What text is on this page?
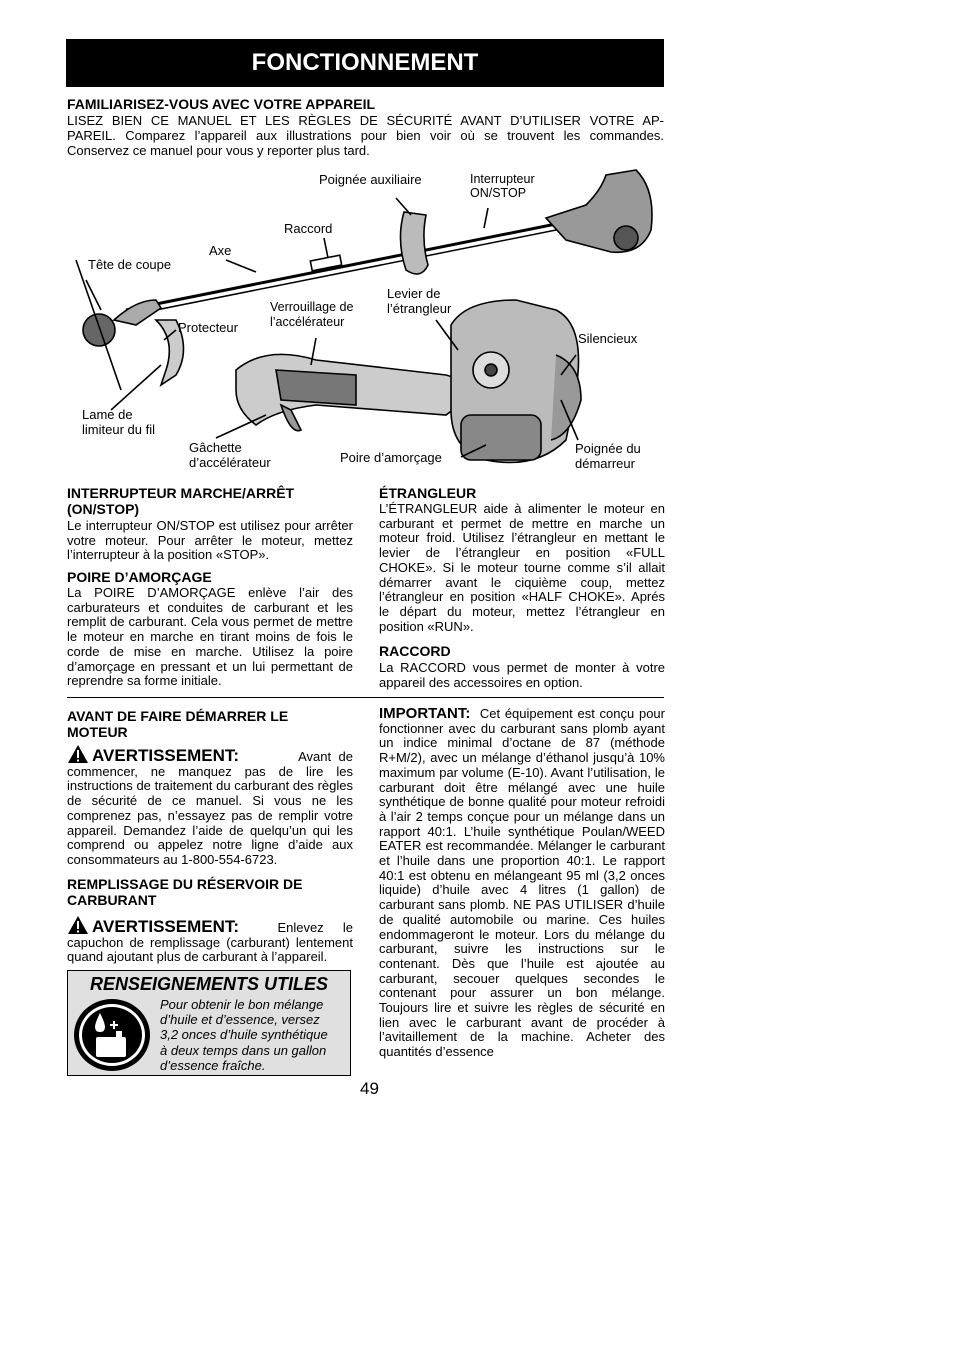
FONCTIONNEMENT
FAMILIARISEZ-VOUS AVEC VOTRE APPAREIL
LISEZ BIEN CE MANUEL ET LES RÈGLES DE SÉCURITÉ AVANT D’UTILISER VOTRE AP-
PAREIL. Comparez l’appareil aux illustrations pour bien voir où se trouvent les commandes.
Conservez ce manuel pour vous y reporter plus tard.
Poignée auxiliaire	Interrupteur
ON/STOP
Raccord
Axe
Tête de coupe
Verrouillage de
l’accélérateur
Levier de
l’étrangleur
Protecteur
Silencieux
Lame de
limiteur du fil
Gâchette
d’accélérateur	Poire d’amorçage
Poignée du
démarreur
INTERRUPTEUR MARCHE/ARRÊT
(ON/STOP)
Le interrupteur ON/STOP est utilisez pour arrêter votre moteur. Pour arrêter le moteur, mettez l’interrupteur à la position «STOP».
POIRE D’AMORÇAGE
La POIRE D’AMORÇAGE enlève l’air des carburateurs et conduites de carburant et les remplit de carburant. Cela vous permet de mettre le moteur en marche en tirant moins de fois le corde de mise en marche. Utilisez la poire d’amorçage en pressant et un lui permettant de reprendre sa forme initiale.
ÉTRANGLEUR
L’ÉTRANGLEUR aide à alimenter le moteur en carburant et permet de mettre en marche un moteur froid. Utilisez l’étrangleur en mettant le levier de l’étrangleur en position «FULL CHOKE». Si le moteur tourne comme s’il allait démarrer avant le ciquième coup, mettez l’étrangleur en position «HALF CHOKE». Aprés le départ du moteur, mettez l’étrangleur en position «RUN».
RACCORD
La RACCORD vous permet de monter à votre appareil des accessoires en option.
AVANT DE FAIRE DÉMARRER LE
MOTEUR
AVERTISSEMENT:	Avant de commencer, ne manquez pas de lire les instructions de traitement du carburant des règles de sécurité de ce manuel. Si vous ne les comprenez pas, n’essayez pas de remplir votre appareil. Demandez l’aide de quelqu’un qui les comprend ou appelez notre ligne d’aide aux consommateurs au 1-800-554-6723.
REMPLISSAGE DU RÉSERVOIR DE
CARBURANT
AVERTISSEMENT:	Enlevez le capuchon de remplissage (carburant) lentement quand ajoutant plus de carburant à l’appareil.
RENSEIGNEMENTS UTILES
Pour obtenir le bon mélange d’huile et d’essence, versez 3,2 onces d’huile synthétique à deux temps dans un gallon d’essence fraîche.
IMPORTANT: Cet équipement est conçu pour fonctionner avec du carburant sans plomb ayant un indice minimal d’octane de 87 (méthode R+M/2), avec un mélange d’éthanol jusqu’à 10% maximum par volume (E-10). Avant l’utilisation, le carburant doit être mélangé avec une huile synthétique de bonne qualité pour moteur refroidi à l’air 2 temps conçue pour un mélange dans un rapport 40:1. L’huile synthétique Poulan/WEED EATER est recommandée. Mélanger le carburant et l’huile dans une proportion 40:1. Le rapport 40:1 est obtenu en mélangeant 95 ml (3,2 onces liquide) d’huile avec 4 litres (1 gallon) de carburant sans plomb. NE PAS UTILISER d’huile de qualité automobile ou marine. Ces huiles endommageront le moteur. Lors du mélange du carburant, suivre les instructions sur le contenant. Dès que l’huile est ajoutée au carburant, secouer quelques secondes le contenant pour assurer un bon mélange. Toujours lire et suivre les règles de sécurité en lien avec le carburant avant de procéder à l’avitaillement de la machine. Acheter des quantités d’essence
49
